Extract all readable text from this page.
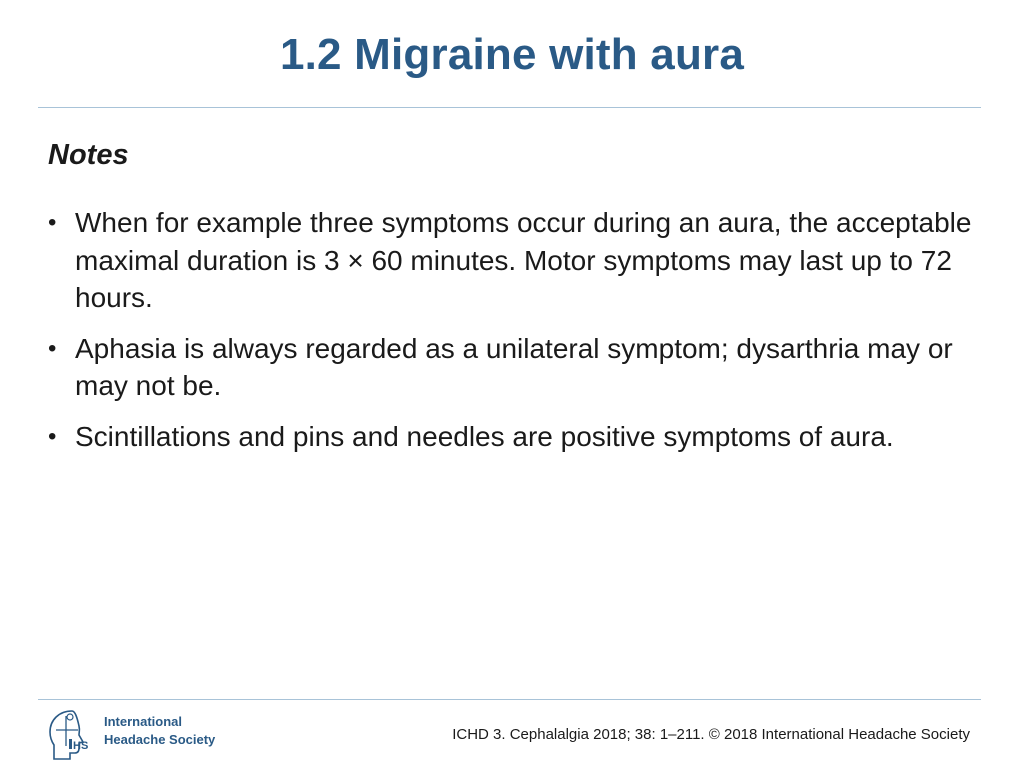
1.2 Migraine with aura
Notes
• When for example three symptoms occur during an aura, the acceptable maximal duration is 3 × 60 minutes. Motor symptoms may last up to 72 hours.
• Aphasia is always regarded as a unilateral symptom; dysarthria may or may not be.
• Scintillations and pins and needles are positive symptoms of aura.
HS
International
Headache Society	ICHD 3. Cephalalgia 2018; 38: 1–211. © 2018 International Headache Society
